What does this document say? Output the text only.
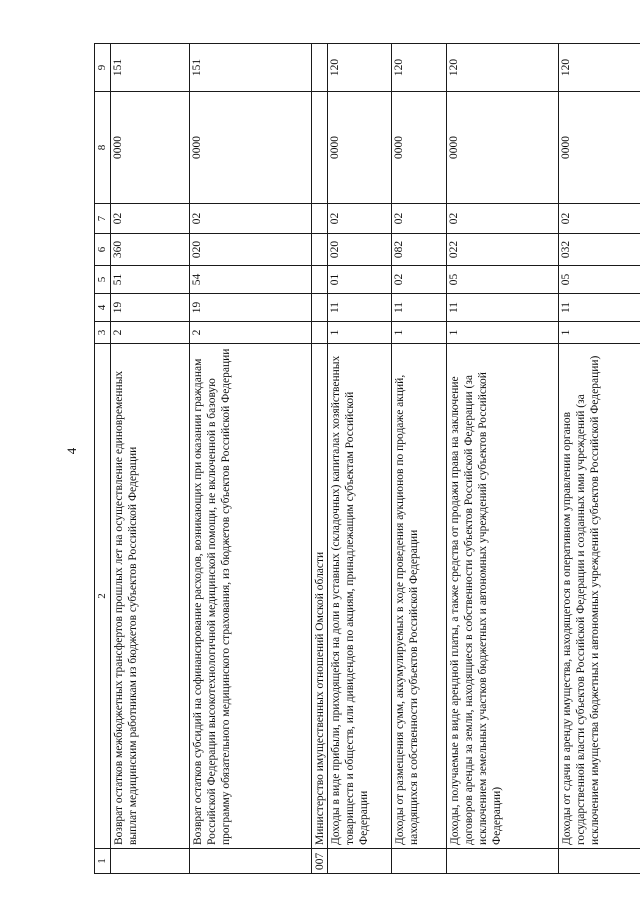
4
1	2	3	4	5	6	7	8	9
	Возврат остатков межбюджетных трансфертов прошлых лет на осуществление единовременных выплат медицинским работникам из бюджетов субъектов Российской Федерации	2	19	51	360	02	0000	151
	Возврат остатков субсидий на софинансирование расходов, возникающих при оказании гражданам Российской Федерации высокотехнологичной медицинской помощи, не включенной в базовую программу обязательного медицинского страхования, из бюджетов субъектов Российской Федерации	2	19	54	020	02	0000	151
007	Министерство имущественных отношений Омской области							
	Доходы в виде прибыли, приходящейся на доли в уставных (складочных) капиталах хозяйственных товариществ и обществ, или дивидендов по акциям, принадлежащим субъектам Российской Федерации	1	11	01	020	02	0000	120
	Доходы от размещения сумм, аккумулируемых в ходе проведения аукционов по продаже акций, находящихся в собственности субъектов Российской Федерации	1	11	02	082	02	0000	120
	Доходы, получаемые в виде арендной платы, а также средства от продажи права на заключение договоров аренды за земли, находящиеся в собственности субъектов Российской Федерации (за исключением земельных участков бюджетных и автономных учреждений субъектов Российской Федерации)	1	11	05	022	02	0000	120
	Доходы от сдачи в аренду имущества, находящегося в оперативном управлении органов государственной власти субъектов Российской Федерации и созданных ими учреждений (за исключением имущества бюджетных и автономных учреждений субъектов Российской Федерации)	1	11	05	032	02	0000	120
